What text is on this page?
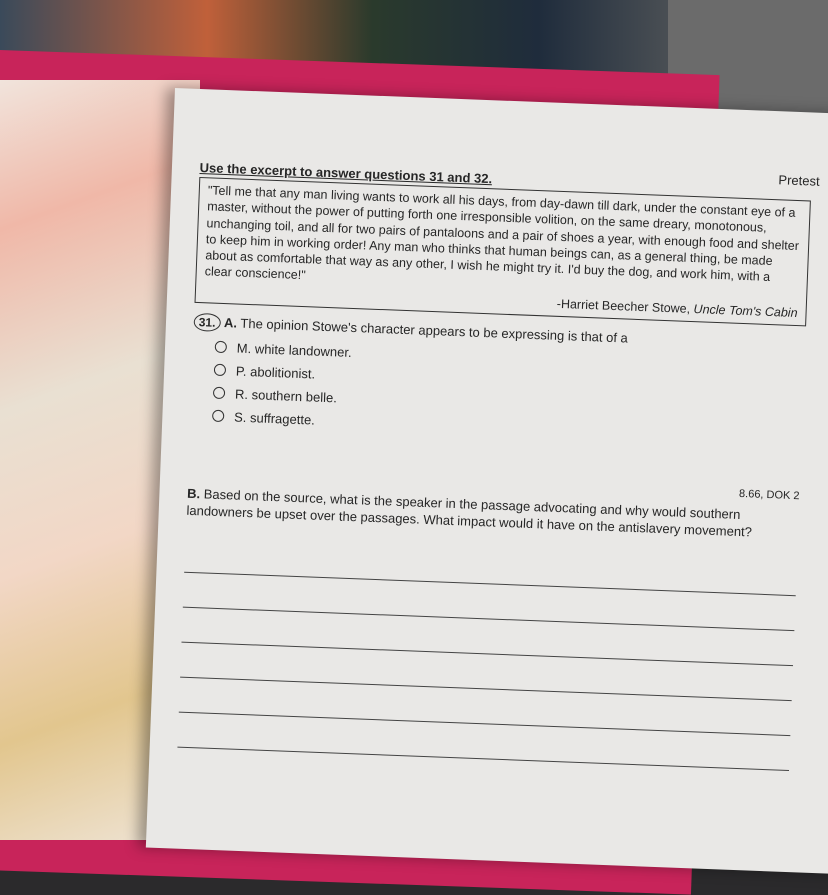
Pretest
Use the excerpt to answer questions 31 and 32.
"Tell me that any man living wants to work all his days, from day-dawn till dark, under the constant eye of a master, without the power of putting forth one irresponsible volition, on the same dreary, monotonous, unchanging toil, and all for two pairs of pantaloons and a pair of shoes a year, with enough food and shelter to keep him in working order! Any man who thinks that human beings can, as a general thing, be made about as comfortable that way as any other, I wish he might try it. I'd buy the dog, and work him, with a clear conscience!"
-Harriet Beecher Stowe, Uncle Tom's Cabin
31. A. The opinion Stowe's character appears to be expressing is that of a
M.
white landowner.
P.
abolitionist.
R.
southern belle.
S.
suffragette.
8.66, DOK 2
B. Based on the source, what is the speaker in the passage advocating and why would southern landowners be upset over the passages. What impact would it have on the antislavery movement?
